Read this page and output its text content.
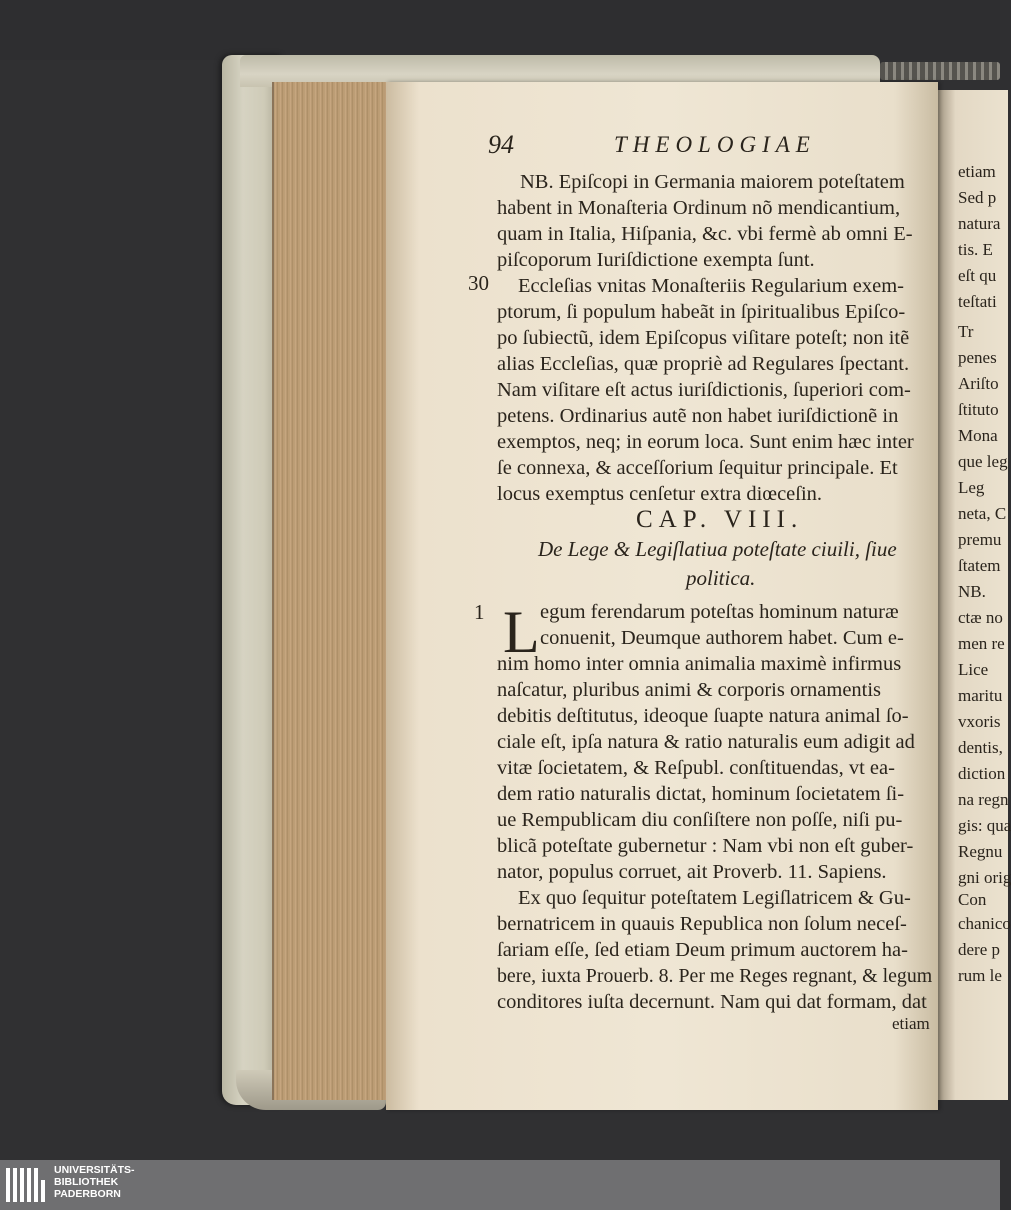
94	THEOLOGIAE
NB. Epiſcopi in Germania maiorem poteſtatem
habent in Monaſteria Ordinum nõ mendicantium,
quam in Italia, Hiſpania, &c. vbi fermè ab omni E-
piſcoporum Iuriſdictione exempta ſunt.
30 Eccleſias vnitas Monaſteriis Regularium exem-
ptorum, ſi populum habeãt in ſpiritualibus Epiſco-
po ſubiectũ, idem Epiſcopus viſitare poteſt; non itẽ
alias Eccleſias, quæ propriè ad Regulares ſpectant.
Nam viſitare eſt actus iuriſdictionis, ſuperiori com-
petens. Ordinarius autẽ non habet iuriſdictionẽ in
exemptos, neq; in eorum loca. Sunt enim hæc inter
ſe connexa, & acceſſorium ſequitur principale. Et
locus exemptus cenſetur extra diœceſin.
CAP. VIII.
De Lege & Legiſlatiua poteſtate ciuili, ſiue
politica.
1 L egum ferendarum poteſtas hominum naturæ
conuenit, Deumque authorem habet. Cum e-
nim homo inter omnia animalia maximè infirmus
naſcatur, pluribus animi & corporis ornamentis
debitis deſtitutus, ideoque ſuapte natura animal ſo-
ciale eſt, ipſa natura & ratio naturalis eum adigit ad
vitæ ſocietatem, & Reſpubl. conſtituendas, vt ea-
dem ratio naturalis dictat, hominum ſocietatem ſi-
ue Rempublicam diu conſiſtere non poſſe, niſi pu-
blicã poteſtate gubernetur : Nam vbi non eſt guber-
nator, populus corruet, ait Proverb. 11. Sapiens.
Ex quo ſequitur poteſtatem Legiſlatricem & Gu-
bernatricem in quauis Republica non ſolum neceſ-
ſariam eſſe, ſed etiam Deum primum auctorem ha-
bere, iuxta Prouerb. 8. Per me Reges regnant, & legum
conditores iuſta decernunt. Nam qui dat formam, dat
etiam
etiam
Sed p
natura
tis. E
eſt qu
teſtati
Tr
penes
Ariſto
ſtituto
Mona
que leg
Leg
neta, C
premu
ſtatem
NB.
ctæ no
men re
Lice
maritu
vxoris
dentis,
diction
na regn
gis: qua
Regnu
gni orig
Con
chanico
dere p
rum le
UNIVERSITÄTS-
BIBLIOTHEK
PADERBORN
